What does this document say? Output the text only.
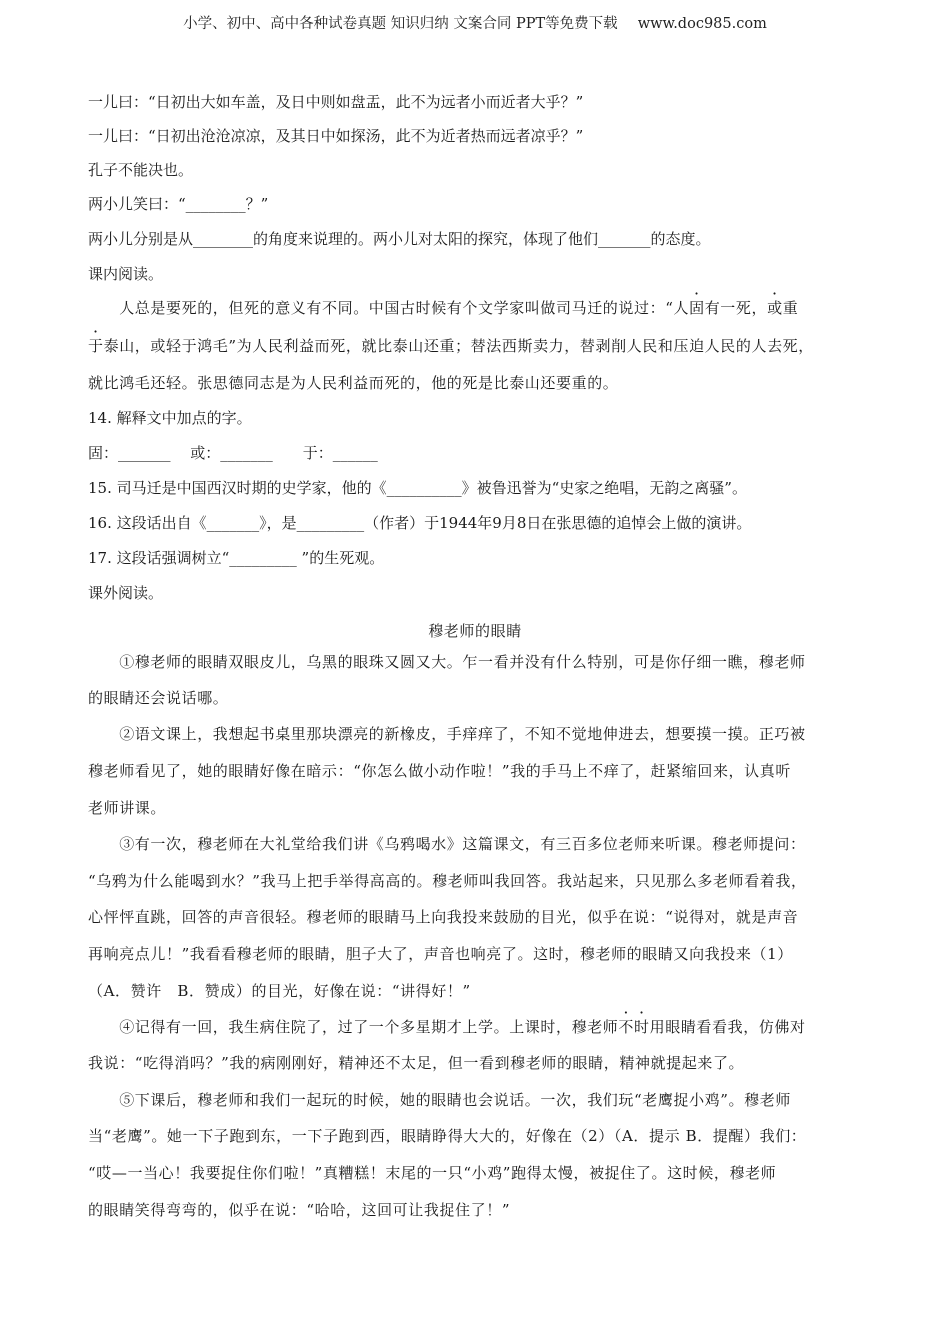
小学、初中、高中各种试卷真题 知识归纳 文案合同 PPT等免费下载 www.doc985.com
一儿曰：“日初出大如车盖，及日中则如盘盂，此不为远者小而近者大乎？”
一儿曰：“日初出沧沧凉凉，及其日中如探汤，此不为近者热而远者凉乎？”
孔子不能决也。
两小儿笑曰：“________？”
两小儿分别是从________的角度来说理的。两小儿对太阳的探究，体现了他们_______的态度。
课内阅读。
　　人总是要死的，但死的意义有不同。中国古时候有个文学家叫做司马迁的说过：“人固有一死，或重
于泰山，或轻于鸿毛”为人民利益而死，就比泰山还重；替法西斯卖力，替剥削人民和压迫人民的人去死，
就比鸿毛还轻。张思德同志是为人民利益而死的，他的死是比泰山还要重的。
14. 解释文中加点的字。
固：_______　 或：_______　　于：______
15. 司马迁是中国西汉时期的史学家，他的《__________》被鲁迅誉为“史家之绝唱，无韵之离骚”。
16. 这段话出自《_______》，是_________（作者）于1944年9月8日在张思德的追悼会上做的演讲。
17. 这段话强调树立“_________ ”的生死观。
课外阅读。
穆老师的眼睛
　　①穆老师的眼睛双眼皮儿，乌黑的眼珠又圆又大。乍一看并没有什么特别，可是你仔细一瞧，穆老师
的眼睛还会说话哪。
　　②语文课上，我想起书桌里那块漂亮的新橡皮，手痒痒了，不知不觉地伸进去，想要摸一摸。正巧被
穆老师看见了，她的眼睛好像在暗示：“你怎么做小动作啦！”我的手马上不痒了，赶紧缩回来，认真听
老师讲课。
　　③有一次，穆老师在大礼堂给我们讲《乌鸦喝水》这篇课文，有三百多位老师来听课。穆老师提问：
“乌鸦为什么能喝到水？”我马上把手举得高高的。穆老师叫我回答。我站起来，只见那么多老师看着我，
心怦怦直跳，回答的声音很轻。穆老师的眼睛马上向我投来鼓励的目光，似乎在说：“说得对，就是声音
再响亮点儿！”我看看穆老师的眼睛，胆子大了，声音也响亮了。这时，穆老师的眼睛又向我投来（1）
（A．赞许　B．赞成）的目光，好像在说：“讲得好！”
　　④记得有一回，我生病住院了，过了一个多星期才上学。上课时，穆老师不时用眼睛看看我，仿佛对
我说：“吃得消吗？”我的病刚刚好，精神还不太足，但一看到穆老师的眼睛，精神就提起来了。
　　⑤下课后，穆老师和我们一起玩的时候，她的眼睛也会说话。一次，我们玩“老鹰捉小鸡”。穆老师
当“老鹰”。她一下子跑到东，一下子跑到西，眼睛睁得大大的，好像在（2）（A．提示 B．提醒）我们：
“哎—一当心！我要捉住你们啦！”真糟糕！末尾的一只“小鸡”跑得太慢，被捉住了。这时候，穆老师
的眼睛笑得弯弯的，似乎在说：“哈哈，这回可让我捉住了！”
